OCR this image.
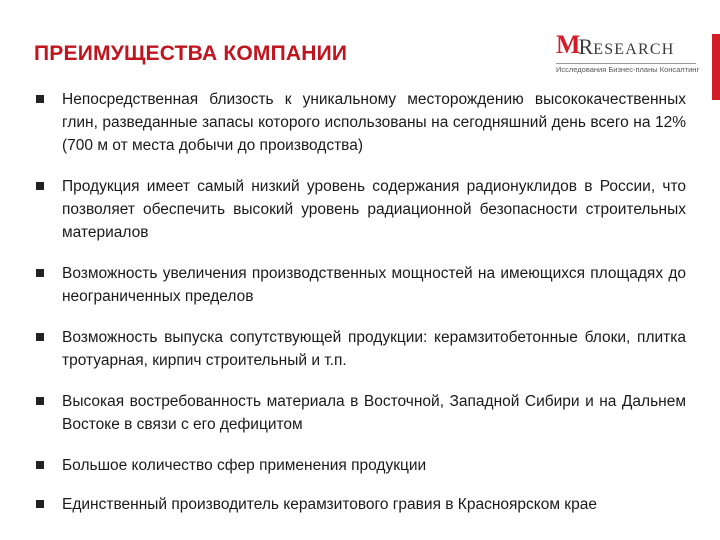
ПРЕИМУЩЕСТВА КОМПАНИИ	M
R ESEARCH
Исследования Бизнес-планы Консалтинг
Непосредственная близость к уникальному месторождению высококачественных глин, разведанные запасы которого использованы на сегодняшний день всего на 12% (700 м от места добычи до производства)
Продукция имеет самый низкий уровень содержания радионуклидов в России, что позволяет обеспечить высокий уровень радиационной безопасности строительных материалов
Возможность увеличения производственных мощностей на имеющихся площадях до неограниченных пределов
Возможность выпуска сопутствующей продукции: керамзитобетонные блоки, плитка тротуарная, кирпич строительный и т.п.
Высокая востребованность материала в Восточной, Западной Сибири и на Дальнем Востоке в связи с его дефицитом
Большое количество сфер применения продукции
Единственный производитель керамзитового гравия в Красноярском крае
